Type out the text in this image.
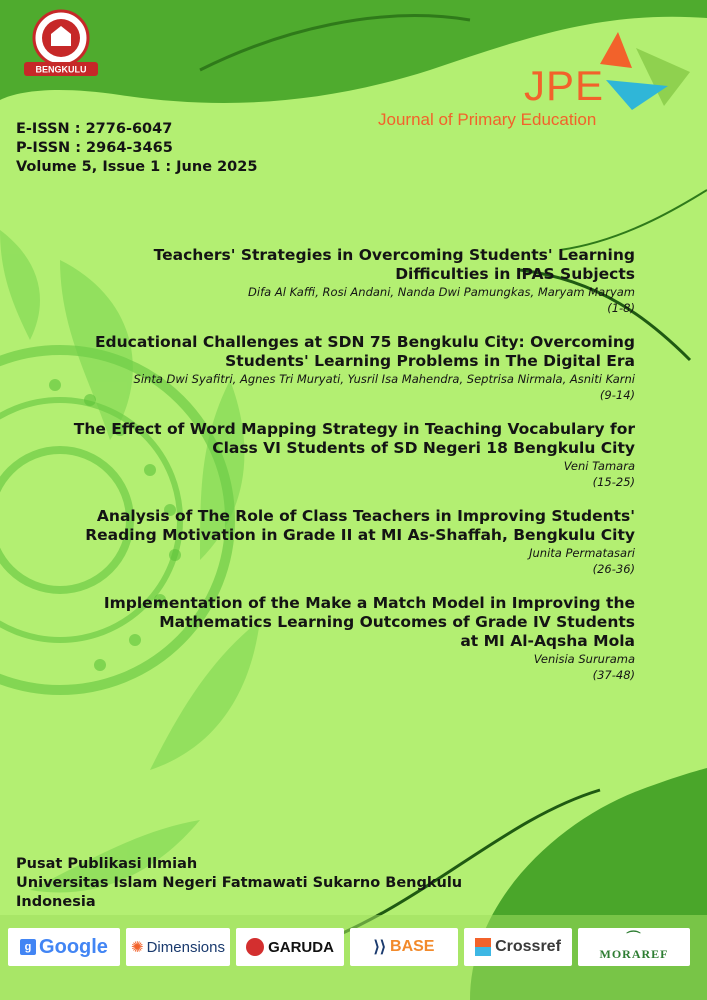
BENGKULU	JPE
Journal of Primary Education
E-ISSN : 2776-6047
P-ISSN : 2964-3465
Volume 5, Issue 1 : June 2025
Teachers' Strategies in Overcoming Students' Learning
Difficulties in IPAS Subjects
Difa Al Kaffi, Rosi Andani, Nanda Dwi Pamungkas, Maryam Maryam
(1-8)
Educational Challenges at SDN 75 Bengkulu City: Overcoming
Students' Learning Problems in The Digital Era
Sinta Dwi Syafitri, Agnes Tri Muryati, Yusril Isa Mahendra, Septrisa Nirmala, Asniti Karni
(9-14)
The Effect of Word Mapping Strategy in Teaching Vocabulary for
Class VI Students of SD Negeri 18 Bengkulu City
Veni Tamara
(15-25)
Analysis of The Role of Class Teachers in Improving Students'
Reading Motivation in Grade II at MI As-Shaffah, Bengkulu City
Junita Permatasari
(26-36)
Implementation of the Make a Match Model in Improving the
Mathematics Learning Outcomes of Grade IV Students
at MI Al-Aqsha Mola
Venisia Sururama
(37-48)
Pusat Publikasi Ilmiah
Universitas Islam Negeri Fatmawati Sukarno Bengkulu
Indonesia
g Google ✺ Dimensions	GARUDA ⟩⟩ BASE	Crossref	⌒
MORAREF
